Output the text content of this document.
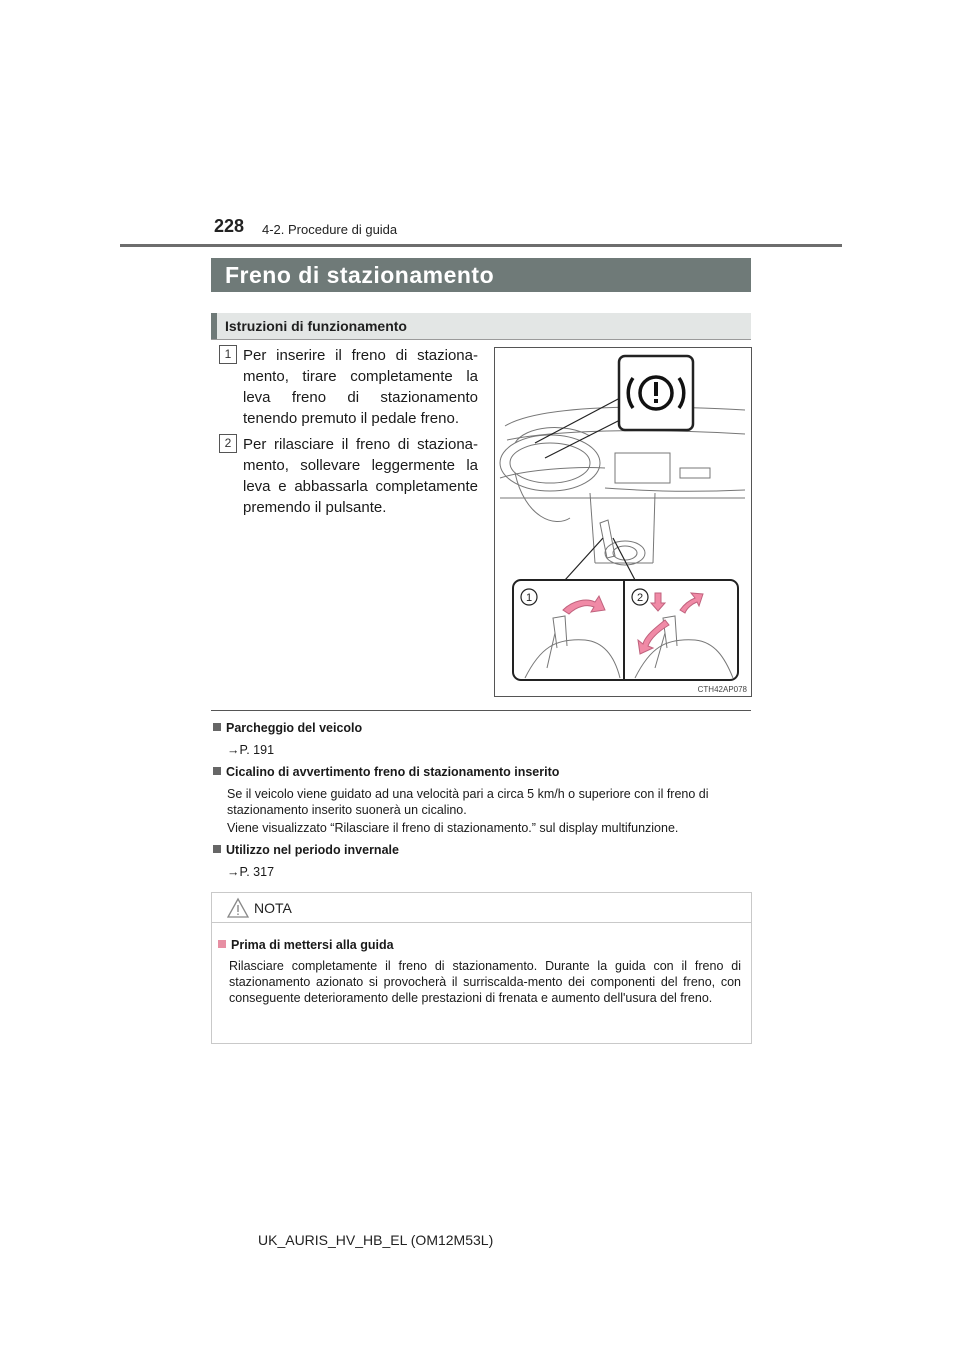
228 4-2. Procedure di guida
Freno di stazionamento
Istruzioni di funzionamento
1 Per inserire il freno di staziona-mento, tirare completamente la leva freno di stazionamento tenendo premuto il pedale freno.
2 Per rilasciare il freno di staziona-mento, sollevare leggermente la leva e abbassarla completamente premendo il pulsante.
1	2
CTH42AP078
Parcheggio del veicolo
→P. 191
Cicalino di avvertimento freno di stazionamento inserito
Se il veicolo viene guidato ad una velocità pari a circa 5 km/h o superiore con il freno di
stazionamento inserito suonerà un cicalino.
Viene visualizzato “Rilasciare il freno di stazionamento.” sul display multifunzione.
Utilizzo nel periodo invernale
→P. 317
NOTA
Prima di mettersi alla guida
Rilasciare completamente il freno di stazionamento. Durante la guida con il freno di stazionamento azionato si provocherà il surriscalda-mento dei componenti del freno, con conseguente deterioramento delle prestazioni di frenata e aumento dell'usura del freno.
UK_AURIS_HV_HB_EL (OM12M53L)
